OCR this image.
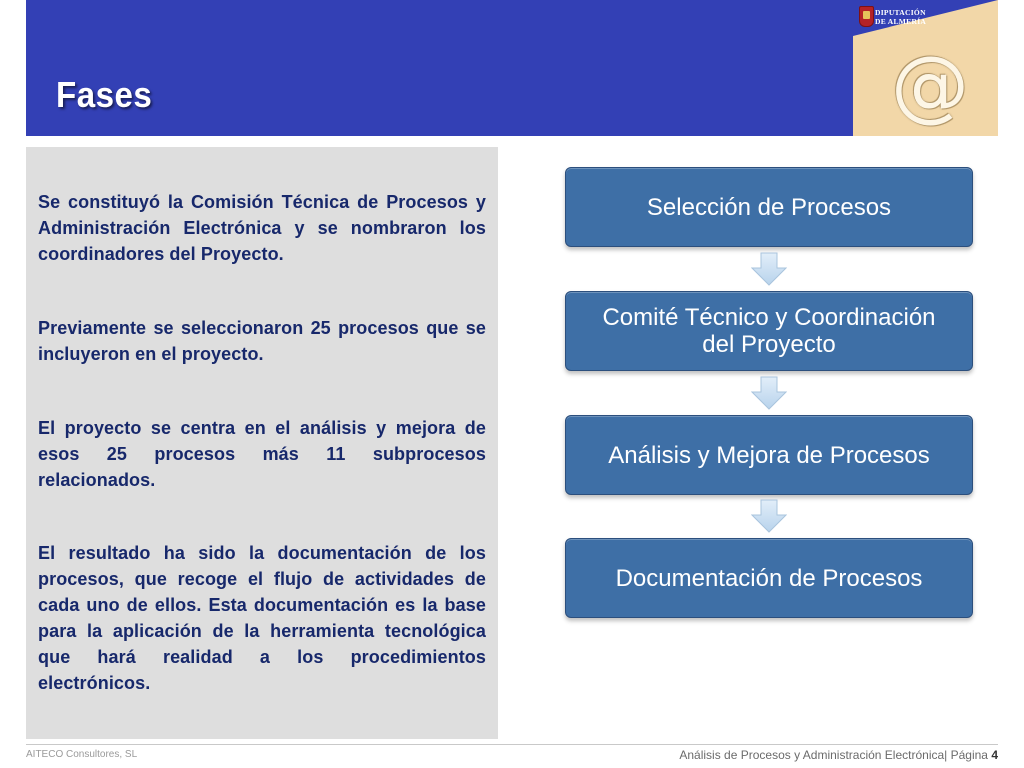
Fases
DIPUTACIÓN
DE ALMERÍA
@

Se constituyó la Comisión Técnica de Procesos y Administración Electrónica y se nombraron los coordinadores del Proyecto.

Previamente se seleccionaron 25 procesos que se incluyeron en el proyecto.

El proyecto se centra en el análisis y mejora de esos 25 procesos más 11 subprocesos relacionados.

El resultado ha sido la documentación de los procesos, que recoge el flujo de actividades de cada uno de ellos. Esta documentación es la base para la aplicación de la herramienta tecnológica que hará realidad a los procedimientos electrónicos.

Selección de Procesos
Comité Técnico y Coordinación del Proyecto
Análisis y Mejora de Procesos
Documentación de Procesos
AITECO Consultores, SL	Análisis de Procesos y Administración Electrónica| Página 4
